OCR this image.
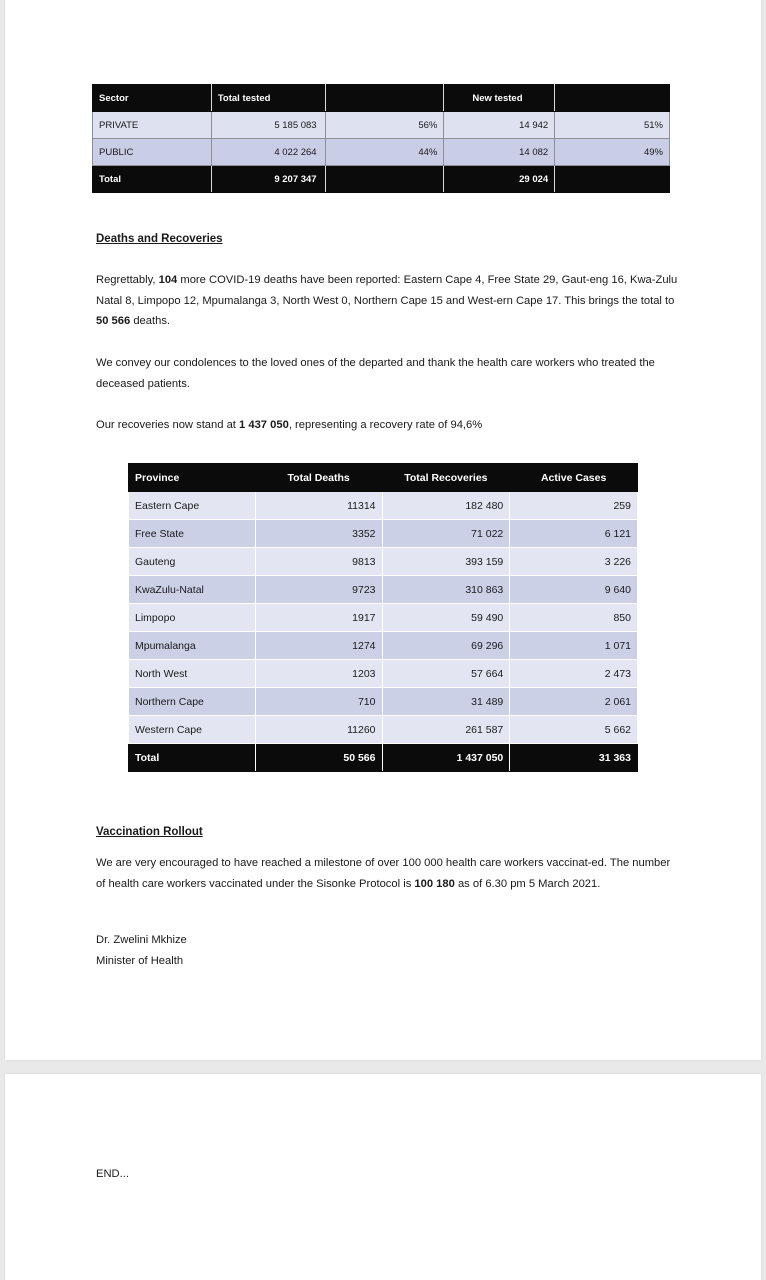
Sector	Total tested		New tested	
PRIVATE	5 185 083	56%	14 942	51%
PUBLIC	4 022 264	44%	14 082	49%
Total	9 207 347		29 024	
Deaths and Recoveries
Regrettably, 104 more COVID-19 deaths have been reported: Eastern Cape 4, Free State 29, Gaut-eng 16, Kwa-Zulu Natal 8, Limpopo 12, Mpumalanga 3, North West 0, Northern Cape 15 and West-ern Cape 17. This brings the total to 50 566 deaths.
We convey our condolences to the loved ones of the departed and thank the health care workers who treated the deceased patients.
Our recoveries now stand at 1 437 050, representing a recovery rate of 94,6%
Province	Total Deaths	Total Recoveries	Active Cases
Eastern Cape	11314	182 480	259
Free State	3352	71 022	6 121
Gauteng	9813	393 159	3 226
KwaZulu-Natal	9723	310 863	9 640
Limpopo	1917	59 490	850
Mpumalanga	1274	69 296	1 071
North West	1203	57 664	2 473
Northern Cape	710	31 489	2 061
Western Cape	11260	261 587	5 662
Total	50 566	1 437 050	31 363
Vaccination Rollout
We are very encouraged to have reached a milestone of over 100 000 health care workers vaccinat-ed. The number of health care workers vaccinated under the Sisonke Protocol is 100 180 as of 6.30 pm 5 March 2021.
Dr. Zwelini Mkhize
Minister of Health
END...
